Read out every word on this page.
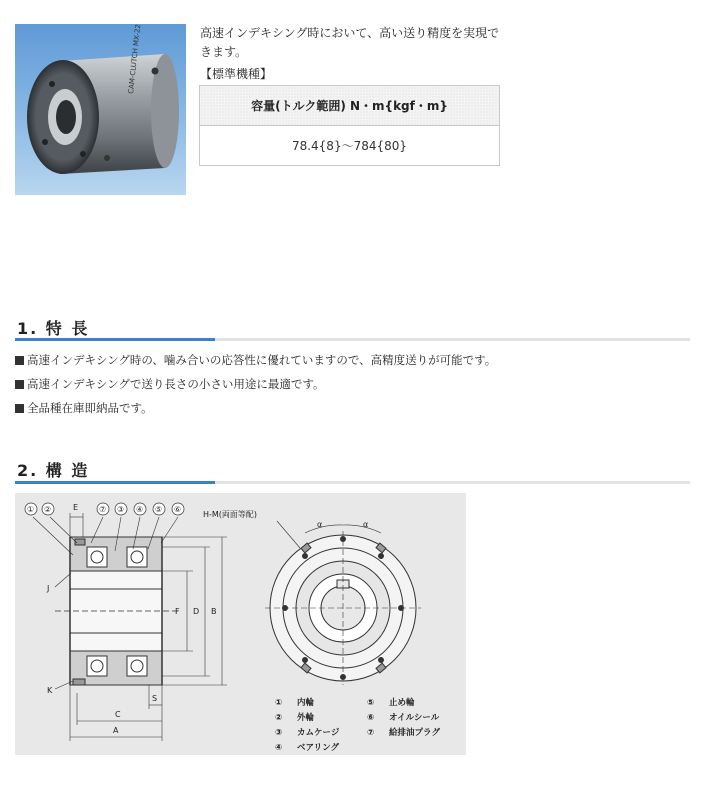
CAM-CLUTCH MX-22	高速インデキシング時において、高い送り精度を実現できます。
【標準機種】
容量(トルク範囲) N・m{kgf・m}
78.4{8}〜784{80}
1. 特 長
高速インデキシング時の、噛み合いの応答性に優れていますので、高精度送りが可能です。
高速インデキシングで送り長さの小さい用途に最適です。
全品種在庫即納品です。
2. 構 造
① ②	⑦ ③ ④ ⑤ ⑥
E
J
K
F D B
S
C
A
H-M(両面等配)
α	α
① 内輪
② 外輪
③ カムケージ
④ ベアリング
⑤ 止め輪
⑥ オイルシール
⑦ 給排油プラグ
